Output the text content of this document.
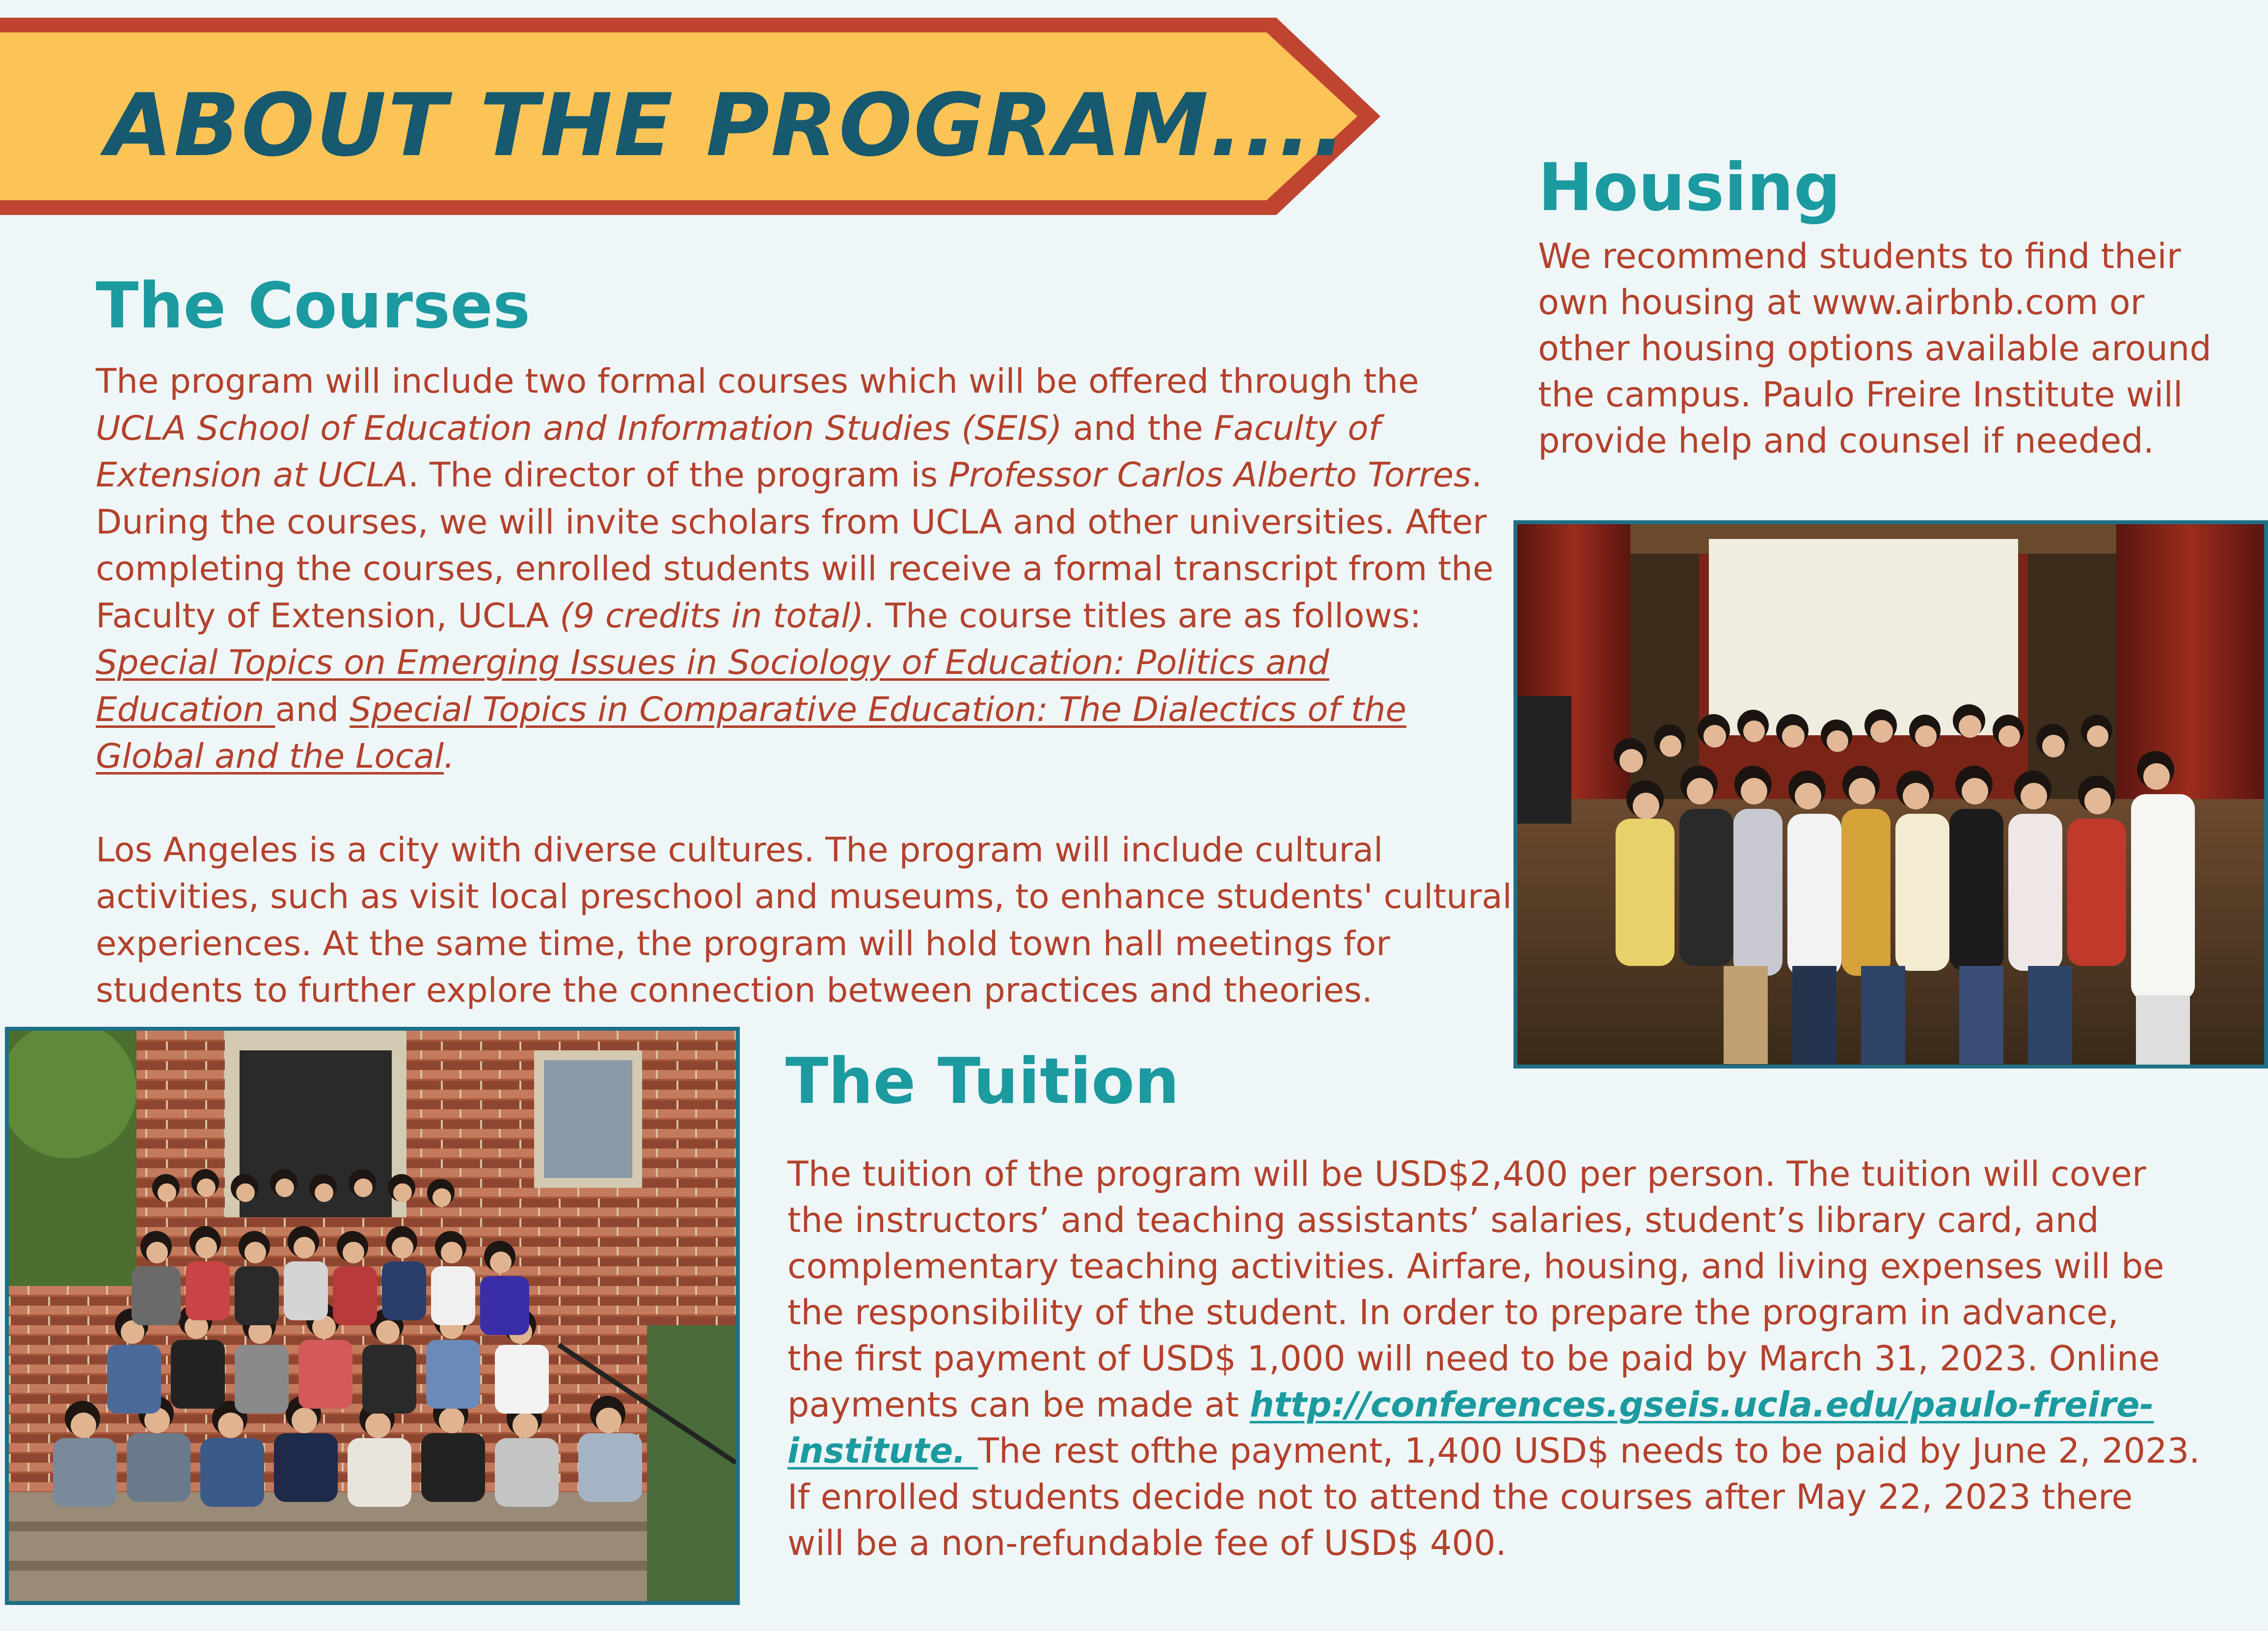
ABOUT THE PROGRAM....
The Courses
The program will include two formal courses which will be offered through the
UCLA School of Education and Information Studies (SEIS) and the Faculty of
Extension at UCLA. The director of the program is Professor Carlos Alberto Torres.
During the courses, we will invite scholars from UCLA and other universities. After
completing the courses, enrolled students will receive a formal transcript from the
Faculty of Extension, UCLA (9 credits in total). The course titles are as follows:
Special Topics on Emerging Issues in Sociology of Education: Politics and
Education and Special Topics in Comparative Education: The Dialectics of the
Global and the Local.
Los Angeles is a city with diverse cultures. The program will include cultural
activities, such as visit local preschool and museums, to enhance students' cultural
experiences. At the same time, the program will hold town hall meetings for
students to further explore the connection between practices and theories.
Housing
We recommend students to find their
own housing at www.airbnb.com or
other housing options available around
the campus. Paulo Freire Institute will
provide help and counsel if needed.
The Tuition
The tuition of the program will be USD$2,400 per person. The tuition will cover
the instructors’ and teaching assistants’ salaries, student’s library card, and
complementary teaching activities. Airfare, housing, and living expenses will be
the responsibility of the student. In order to prepare the program in advance,
the first payment of USD$ 1,000 will need to be paid by March 31, 2023. Online
payments can be made at http://conferences.gseis.ucla.edu/paulo-freire-
institute. The rest ofthe payment, 1,400 USD$ needs to be paid by June 2, 2023.
If enrolled students decide not to attend the courses after May 22, 2023 there
will be a non-refundable fee of USD$ 400.
